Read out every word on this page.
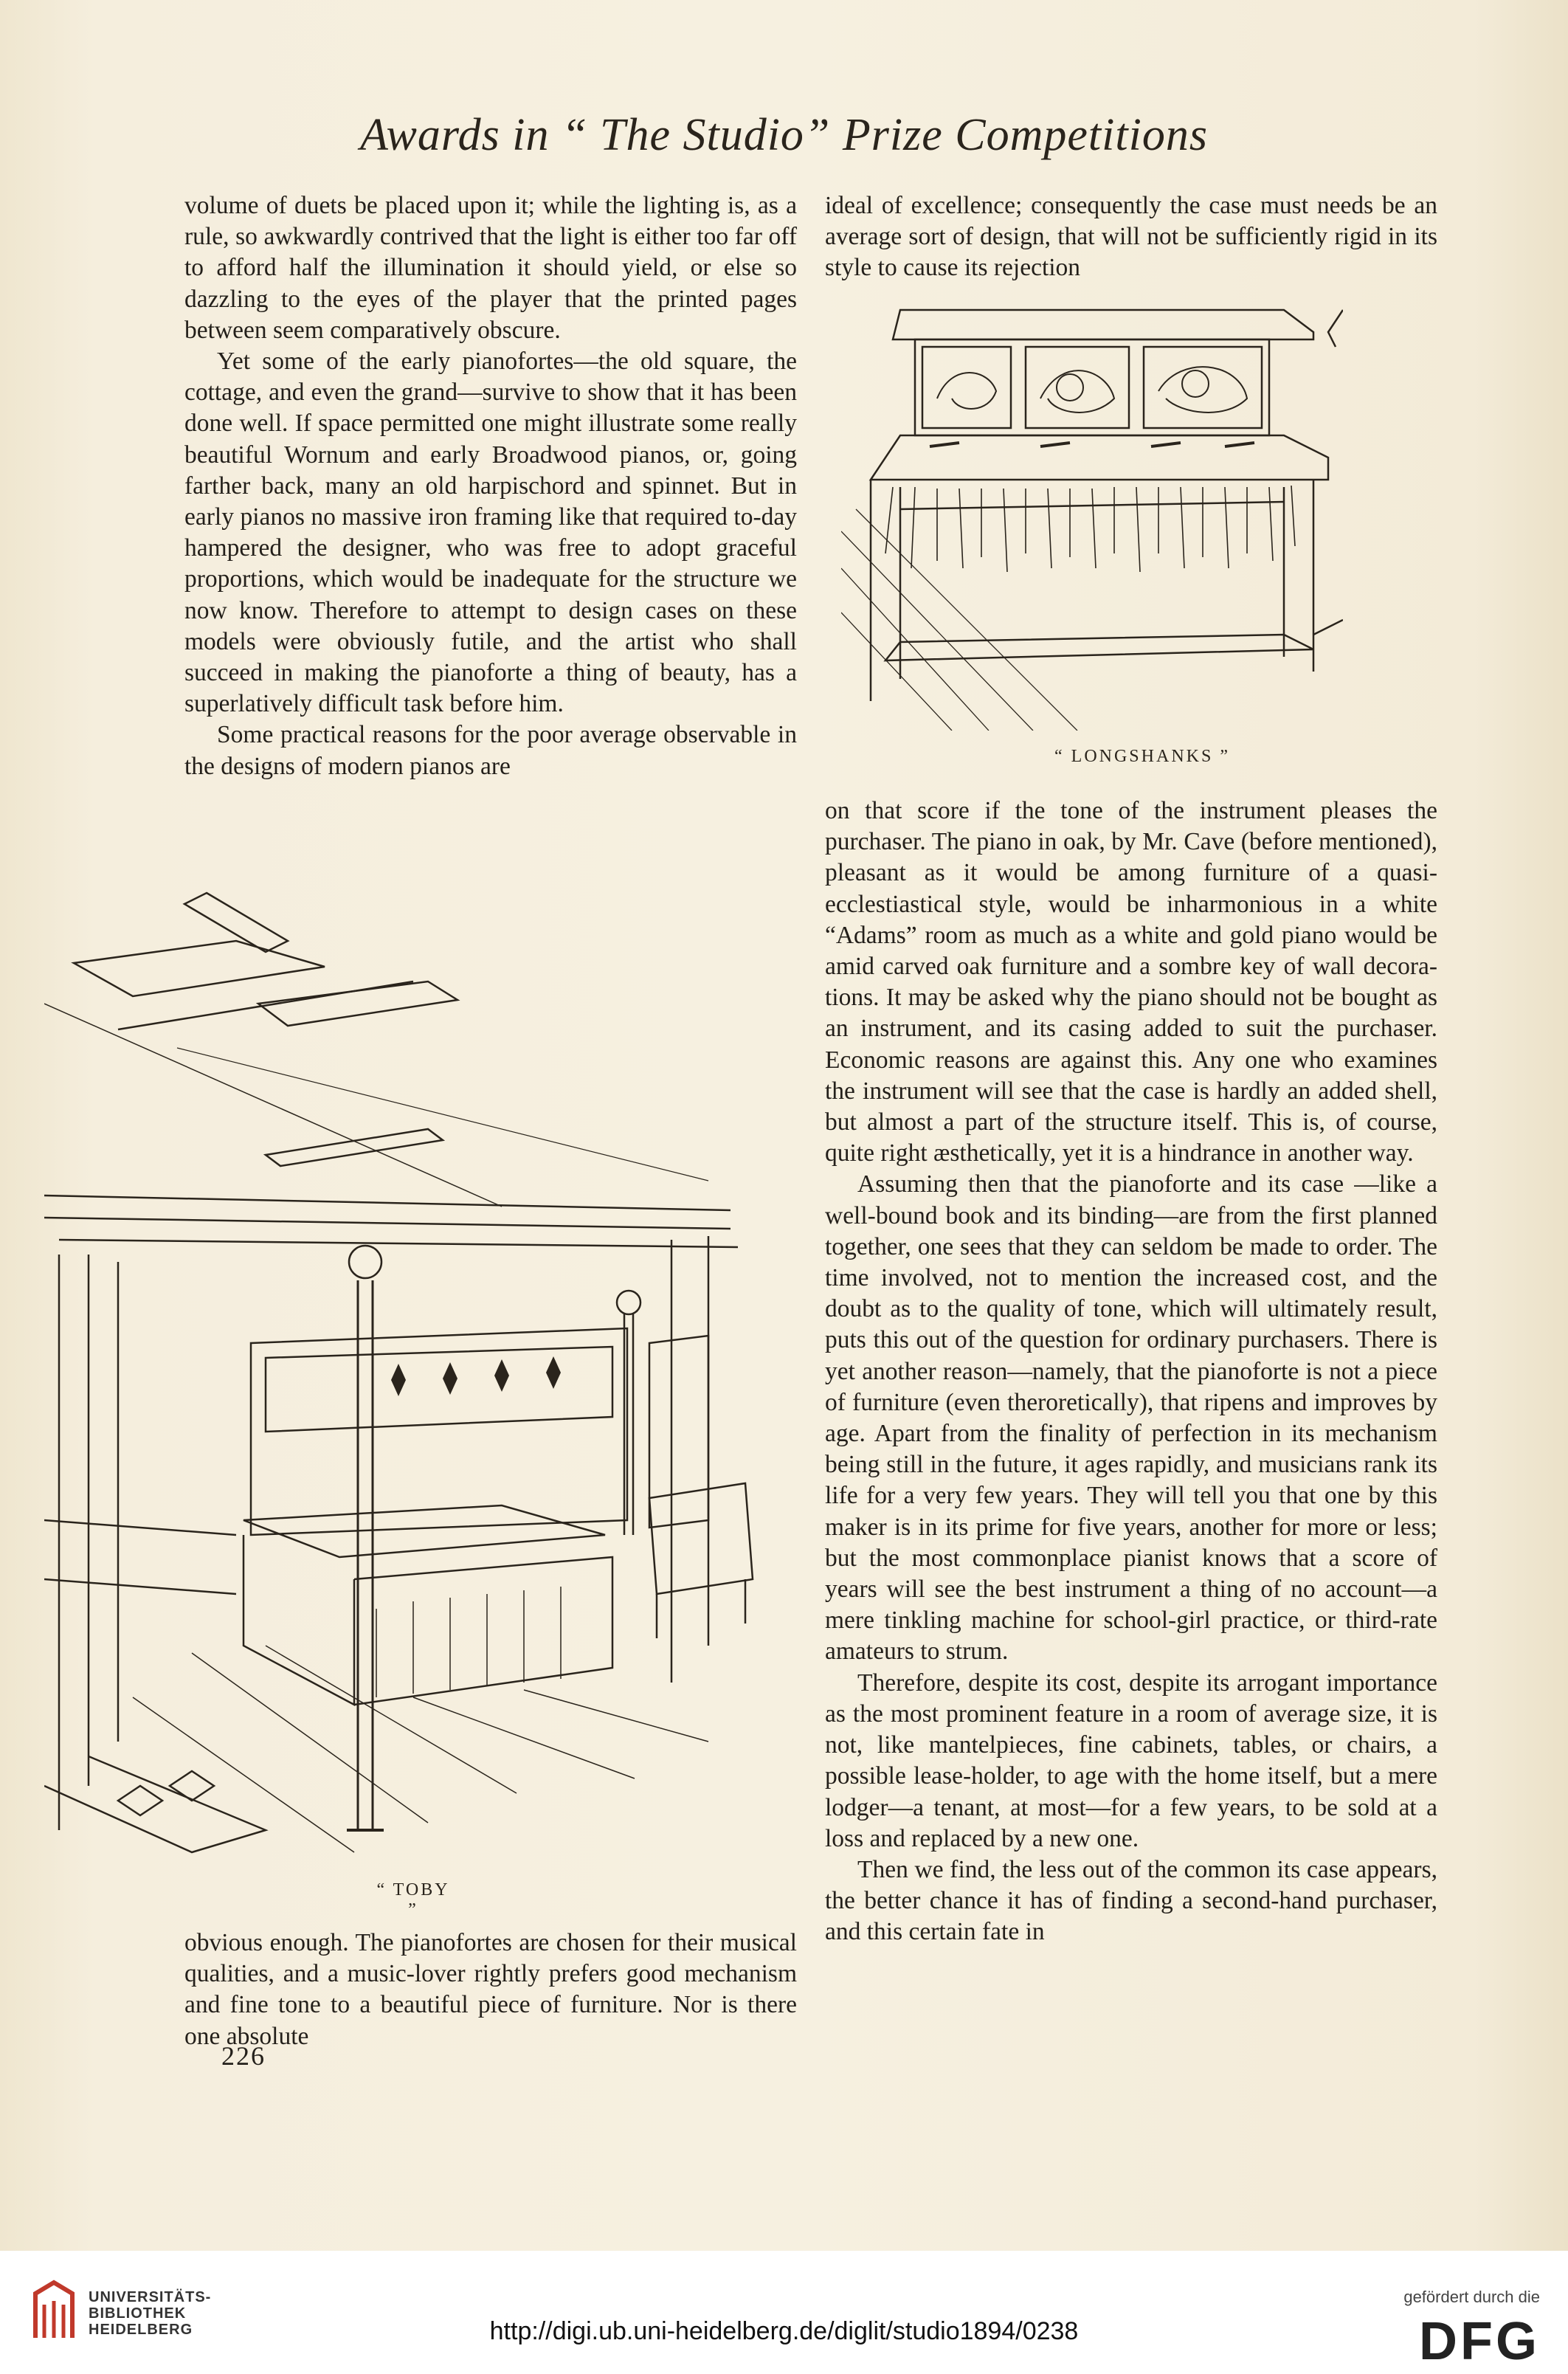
Awards in “ The Studio” Prize Competitions

volume of duets be placed upon it; while the lighting is, as a rule, so awkwardly contrived that the light is either too far off to afford half the illumination it should yield, or else so dazzling to the eyes of the player that the printed pages between seem comparatively obscure.

Yet some of the early pianofortes—the old square, the cottage, and even the grand—survive to show that it has been done well. If space permitted one might illustrate some really beautiful Wornum and early Broadwood pianos, or, going farther back, many an old harpischord and spinnet. But in early pianos no massive iron framing like that required to-day hampered the designer, who was free to adopt graceful proportions, which would be inadequate for the structure we now know. Therefore to attempt to design cases on these models were obviously futile, and the artist who shall succeed in making the pianoforte a thing of beauty, has a superlatively difficult task before him.

Some practical reasons for the poor average observable in the designs of modern pianos are

“ TOBY ”

obvious enough. The pianofortes are chosen for their musical qualities, and a music-lover rightly prefers good mechanism and fine tone to a beautiful piece of furniture. Nor is there one absolute

226

ideal of excellence; consequently the case must needs be an average sort of design, that will not be sufficiently rigid in its style to cause its rejection

“ LONGSHANKS ”

on that score if the tone of the instrument pleases the purchaser. The piano in oak, by Mr. Cave (before mentioned), pleasant as it would be among furniture of a quasi-ecclestiastical style, would be inharmonious in a white “Adams” room as much as a white and gold piano would be amid carved oak furniture and a sombre key of wall decorations. It may be asked why the piano should not be bought as an instrument, and its casing added to suit the purchaser. Economic reasons are against this. Any one who examines the instrument will see that the case is hardly an added shell, but almost a part of the structure itself. This is, of course, quite right æsthetically, yet it is a hindrance in another way.

Assuming then that the pianoforte and its case —like a well-bound book and its binding—are from the first planned together, one sees that they can seldom be made to order. The time involved, not to mention the increased cost, and the doubt as to the quality of tone, which will ultimately result, puts this out of the question for ordinary purchasers. There is yet another reason—namely, that the pianoforte is not a piece of furniture (even theroretically), that ripens and improves by age. Apart from the finality of perfection in its mechanism being still in the future, it ages rapidly, and musicians rank its life for a very few years. They will tell you that one by this maker is in its prime for five years, another for more or less; but the most commonplace pianist knows that a score of years will see the best instrument a thing of no account—a mere tinkling machine for school-girl practice, or third-rate amateurs to strum.

Therefore, despite its cost, despite its arrogant importance as the most prominent feature in a room of average size, it is not, like mantelpieces, fine cabinets, tables, or chairs, a possible lease-holder, to age with the home itself, but a mere lodger—a tenant, at most—for a few years, to be sold at a loss and replaced by a new one.

Then we find, the less out of the common its case appears, the better chance it has of finding a second-hand purchaser, and this certain fate in

UNIVERSITÄTS-
BIBLIOTHEK
HEIDELBERG	http://digi.ub.uni-heidelberg.de/diglit/studio1894/0238
gefördert durch die
DFG
